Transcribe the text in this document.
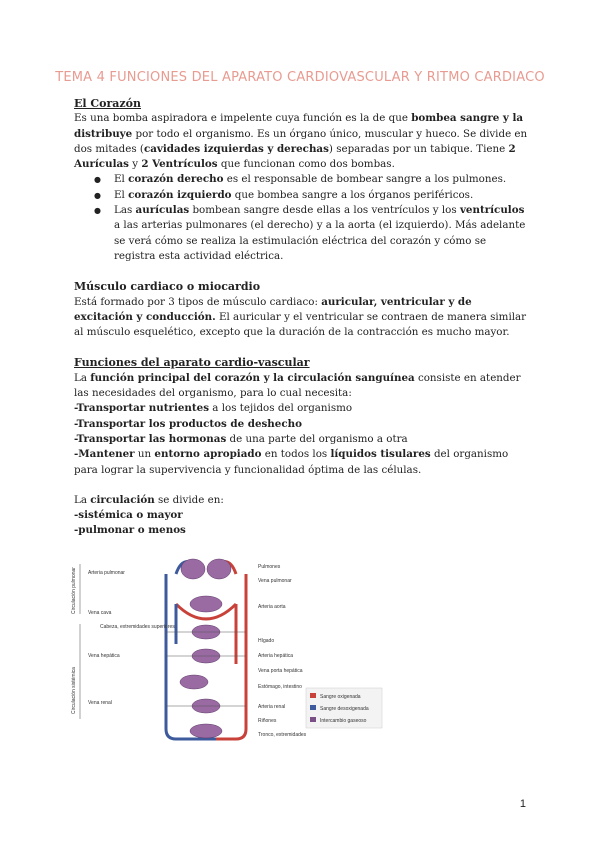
TEMA 4 FUNCIONES DEL APARATO CARDIOVASCULAR Y RITMO CARDIACO

El Corazón

Es una bomba aspiradora e impelente cuya función es la de que bombea sangre y la distribuye por todo el organismo. Es un órgano único, muscular y hueco. Se divide en dos mitades (cavidades izquierdas y derechas) separadas por un tabique. Tiene 2 Aurículas y 2 Ventrículos que funcionan como dos bombas.

● El corazón derecho es el responsable de bombear sangre a los pulmones.
● El corazón izquierdo que bombea sangre a los órganos periféricos.
● Las aurículas bombean sangre desde ellas a los ventrículos y los ventrículos a las arterias pulmonares (el derecho) y a la aorta (el izquierdo). Más adelante se verá cómo se realiza la estimulación eléctrica del corazón y cómo se registra esta actividad eléctrica.

Músculo cardiaco o miocardio

Está formado por 3 tipos de músculo cardiaco: auricular, ventricular y de excitación y conducción. El auricular y el ventricular se contraen de manera similar al músculo esquelético, excepto que la duración de la contracción es mucho mayor.

Funciones del aparato cardio-vascular

La función principal del corazón y la circulación sanguínea consiste en atender las necesidades del organismo, para lo cual necesita:

-Transportar nutrientes a los tejidos del organismo

-Transportar los productos de deshecho

-Transportar las hormonas de una parte del organismo a otra

-Mantener un entorno apropiado en todos los líquidos tisulares del organismo para lograr la supervivencia y funcionalidad óptima de las células.

La circulación se divide en:

-sistémica o mayor

-pulmonar o menos

Circulación pulmonar
Circulación sistémica
Arteria pulmonar
Vena cava
Cabeza, extremidades superiores
Vena hepática
Vena renal
Pulmones
Vena pulmonar
Arteria aorta
Hígado
Arteria hepática
Vena porta hepática
Estómago, intestino
Arteria renal
Riñones
Tronco, extremidades
Sangre oxigenada
Sangre desoxigenada
Intercambio gaseoso
1
